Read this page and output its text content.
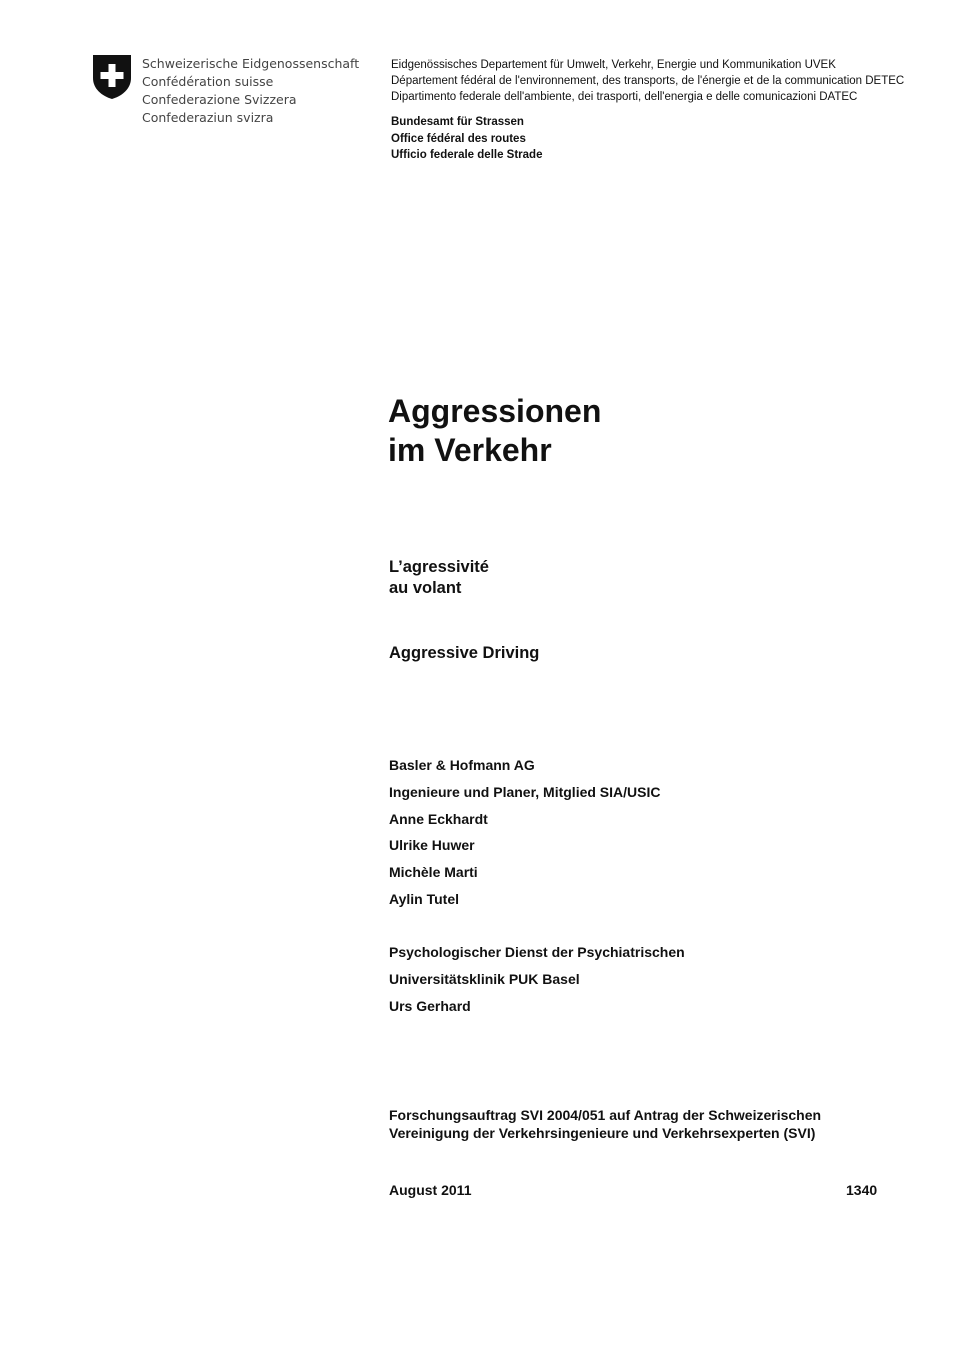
Schweizerische Eidgenossenschaft
Confédération suisse
Confederazione Svizzera
Confederaziun svizra
Eidgenössisches Departement für Umwelt, Verkehr, Energie und Kommunikation UVEK
Département fédéral de l'environnement, des transports, de l'énergie et de la communication DETEC
Dipartimento federale dell'ambiente, dei trasporti, dell'energia e delle comunicazioni DATEC
Bundesamt für Strassen
Office fédéral des routes
Ufficio federale delle Strade
Aggressionen
im Verkehr
L’agressivité
au volant
Aggressive Driving
Basler & Hofmann AG
Ingenieure und Planer, Mitglied SIA/USIC
Anne Eckhardt
Ulrike Huwer
Michèle Marti
Aylin Tutel
Psychologischer Dienst der Psychiatrischen
Universitätsklinik PUK Basel
Urs Gerhard
Forschungsauftrag SVI 2004/051 auf Antrag der Schweizerischen
Vereinigung der Verkehrsingenieure und Verkehrsexperten (SVI)
August 2011	1340
